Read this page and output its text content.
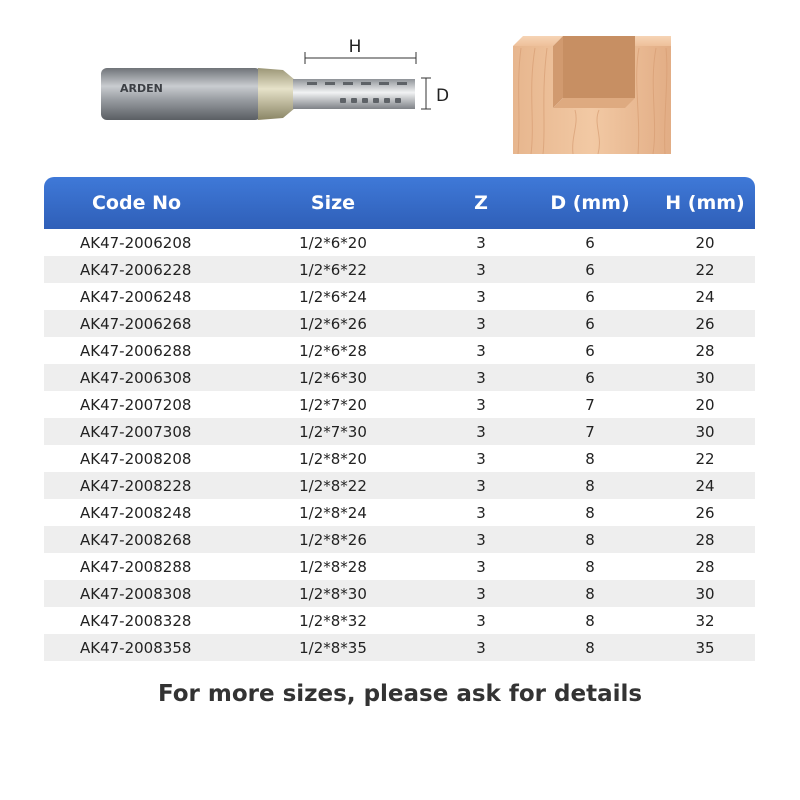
H
D
ARDEN
Code No	Size	Z	D (mm)	H (mm)
AK47-2006208	1/2*6*20	3	6	20
AK47-2006228	1/2*6*22	3	6	22
AK47-2006248	1/2*6*24	3	6	24
AK47-2006268	1/2*6*26	3	6	26
AK47-2006288	1/2*6*28	3	6	28
AK47-2006308	1/2*6*30	3	6	30
AK47-2007208	1/2*7*20	3	7	20
AK47-2007308	1/2*7*30	3	7	30
AK47-2008208	1/2*8*20	3	8	22
AK47-2008228	1/2*8*22	3	8	24
AK47-2008248	1/2*8*24	3	8	26
AK47-2008268	1/2*8*26	3	8	28
AK47-2008288	1/2*8*28	3	8	28
AK47-2008308	1/2*8*30	3	8	30
AK47-2008328	1/2*8*32	3	8	32
AK47-2008358	1/2*8*35	3	8	35
For more sizes, please ask for details
